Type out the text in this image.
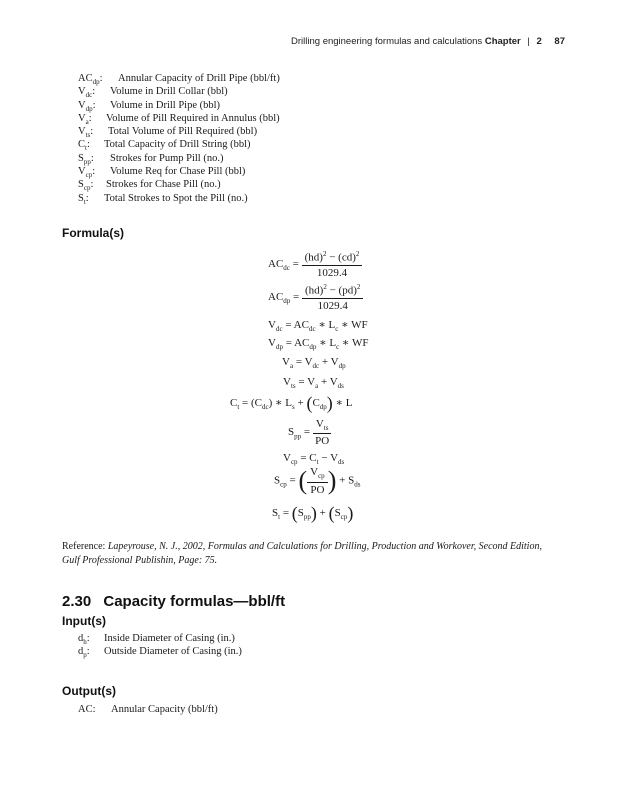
Drilling engineering formulas and calculations Chapter | 2 87
$AC_{dp}$: Annular Capacity of Drill Pipe (bbl/ft)
$V_{dc}$: Volume in Drill Collar (bbl)
$V_{dp}$: Volume in Drill Pipe (bbl)
$V_a$: Volume of Pill Required in Annulus (bbl)
$V_{ts}$: Total Volume of Pill Required (bbl)
$C_t$: Total Capacity of Drill String (bbl)
$S_{pp}$: Strokes for Pump Pill (no.)
$V_{cp}$: Volume Req for Chase Pill (bbl)
$S_{cp}$: Strokes for Chase Pill (no.)
$S_t$: Total Strokes to Spot the Pill (no.)
Formula(s)
$AC_{dc} = \frac{(hd)^2 - (cd)^2}{1029.4}$
$AC_{dp} = \frac{(hd)^2 - (pd)^2}{1029.4}$
$V_{dc} = AC_{dc}$ ∗ $L_c$ ∗ WF
$V_{dp} = AC_{dp}$ ∗ $L_c$ ∗ WF
$V_a = V_{dc} + V_{dp}$
$V_{ts} = V_a + V_{ds}$
$C_t = (C_{dc})$ ∗ $L_s + (C_{dp})$ ∗ L
$S_{pp} = \frac{V_{ts}}{PO}$
$V_{cp} = C_t - V_{ds}$
$S_{cp}$ = ( $\frac{V_{cp}}{PO}$ ) + $S_{ds}$
$S_t = (S_{pp}) + (S_{cp})$
Reference: Lapeyrouse, N. J., 2002, Formulas and Calculations for Drilling, Production and Workover, Second Edition, Gulf Professional Publishin, Page: 75.
2.30 Capacity formulas—bbl/ft
Input(s)
$d_h$: Inside Diameter of Casing (in.)
$d_p$: Outside Diameter of Casing (in.)
Output(s)
AC: Annular Capacity (bbl/ft)
